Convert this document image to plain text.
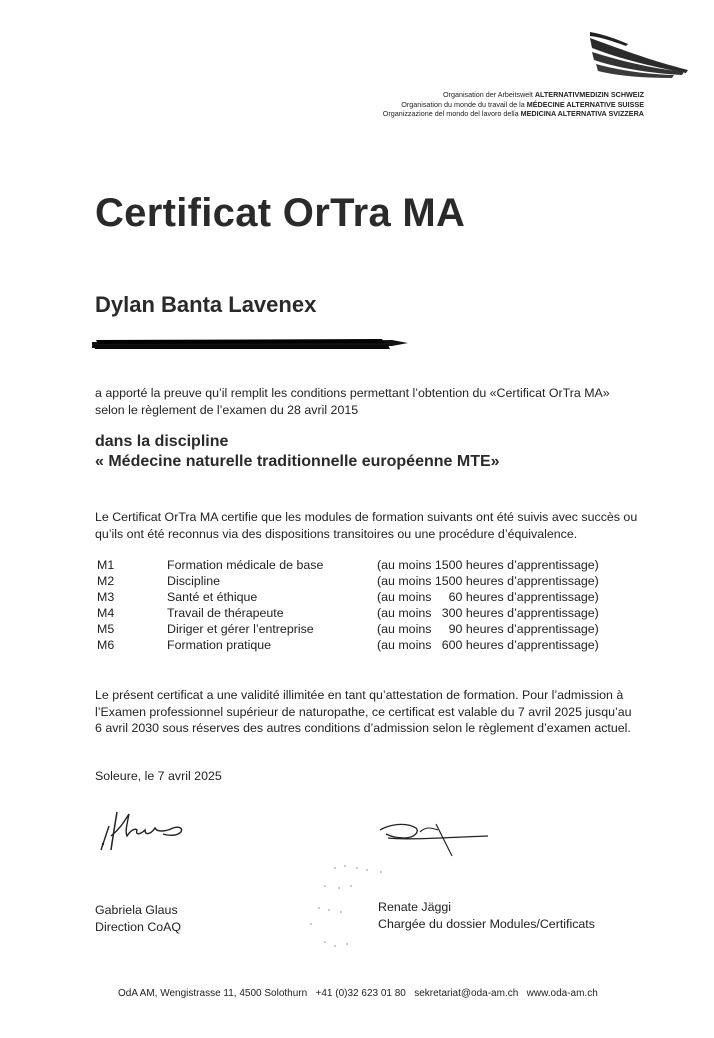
Organisation der Arbeitswelt ALTERNATIVMEDIZIN SCHWEIZ
Organisation du monde du travail de la MÉDECINE ALTERNATIVE SUISSE
Organizzazione del mondo del lavoro della MEDICINA ALTERNATIVA SVIZZERA
Certificat OrTra MA
Dylan Banta Lavenex
a apporté la preuve qu’il remplit les conditions permettant l’obtention du «Certificat OrTra MA»
selon le règlement de l’examen du 28 avril 2015
dans la discipline
« Médecine naturelle traditionnelle européenne MTE»
Le Certificat OrTra MA certifie que les modules de formation suivants ont été suivis avec succès ou
qu’ils ont été reconnus via des dispositions transitoires ou une procédure d’équivalence.
M1	Formation médicale de base	(au moins 1500 heures d’apprentissage)
M2	Discipline	(au moins 1500 heures d’apprentissage)
M3	Santé et éthique	(au moins     60 heures d’apprentissage)
M4	Travail de thérapeute	(au moins   300 heures d’apprentissage)
M5	Diriger et gérer l’entreprise	(au moins     90 heures d’apprentissage)
M6	Formation pratique	(au moins   600 heures d’apprentissage)
Le présent certificat a une validité illimitée en tant qu’attestation de formation. Pour l’admission à
l’Examen professionnel supérieur de naturopathe, ce certificat est valable du 7 avril 2025 jusqu’au
6 avril 2030 sous réserves des autres conditions d’admission selon le règlement d’examen actuel.
Soleure, le 7 avril 2025
Gabriela Glaus
Direction CoAQ
Renate Jäggi
Chargée du dossier Modules/Certificats
OdA AM, Wengistrasse 11, 4500 Solothurn   +41 (0)32 623 01 80   sekretariat@oda-am.ch   www.oda-am.ch
